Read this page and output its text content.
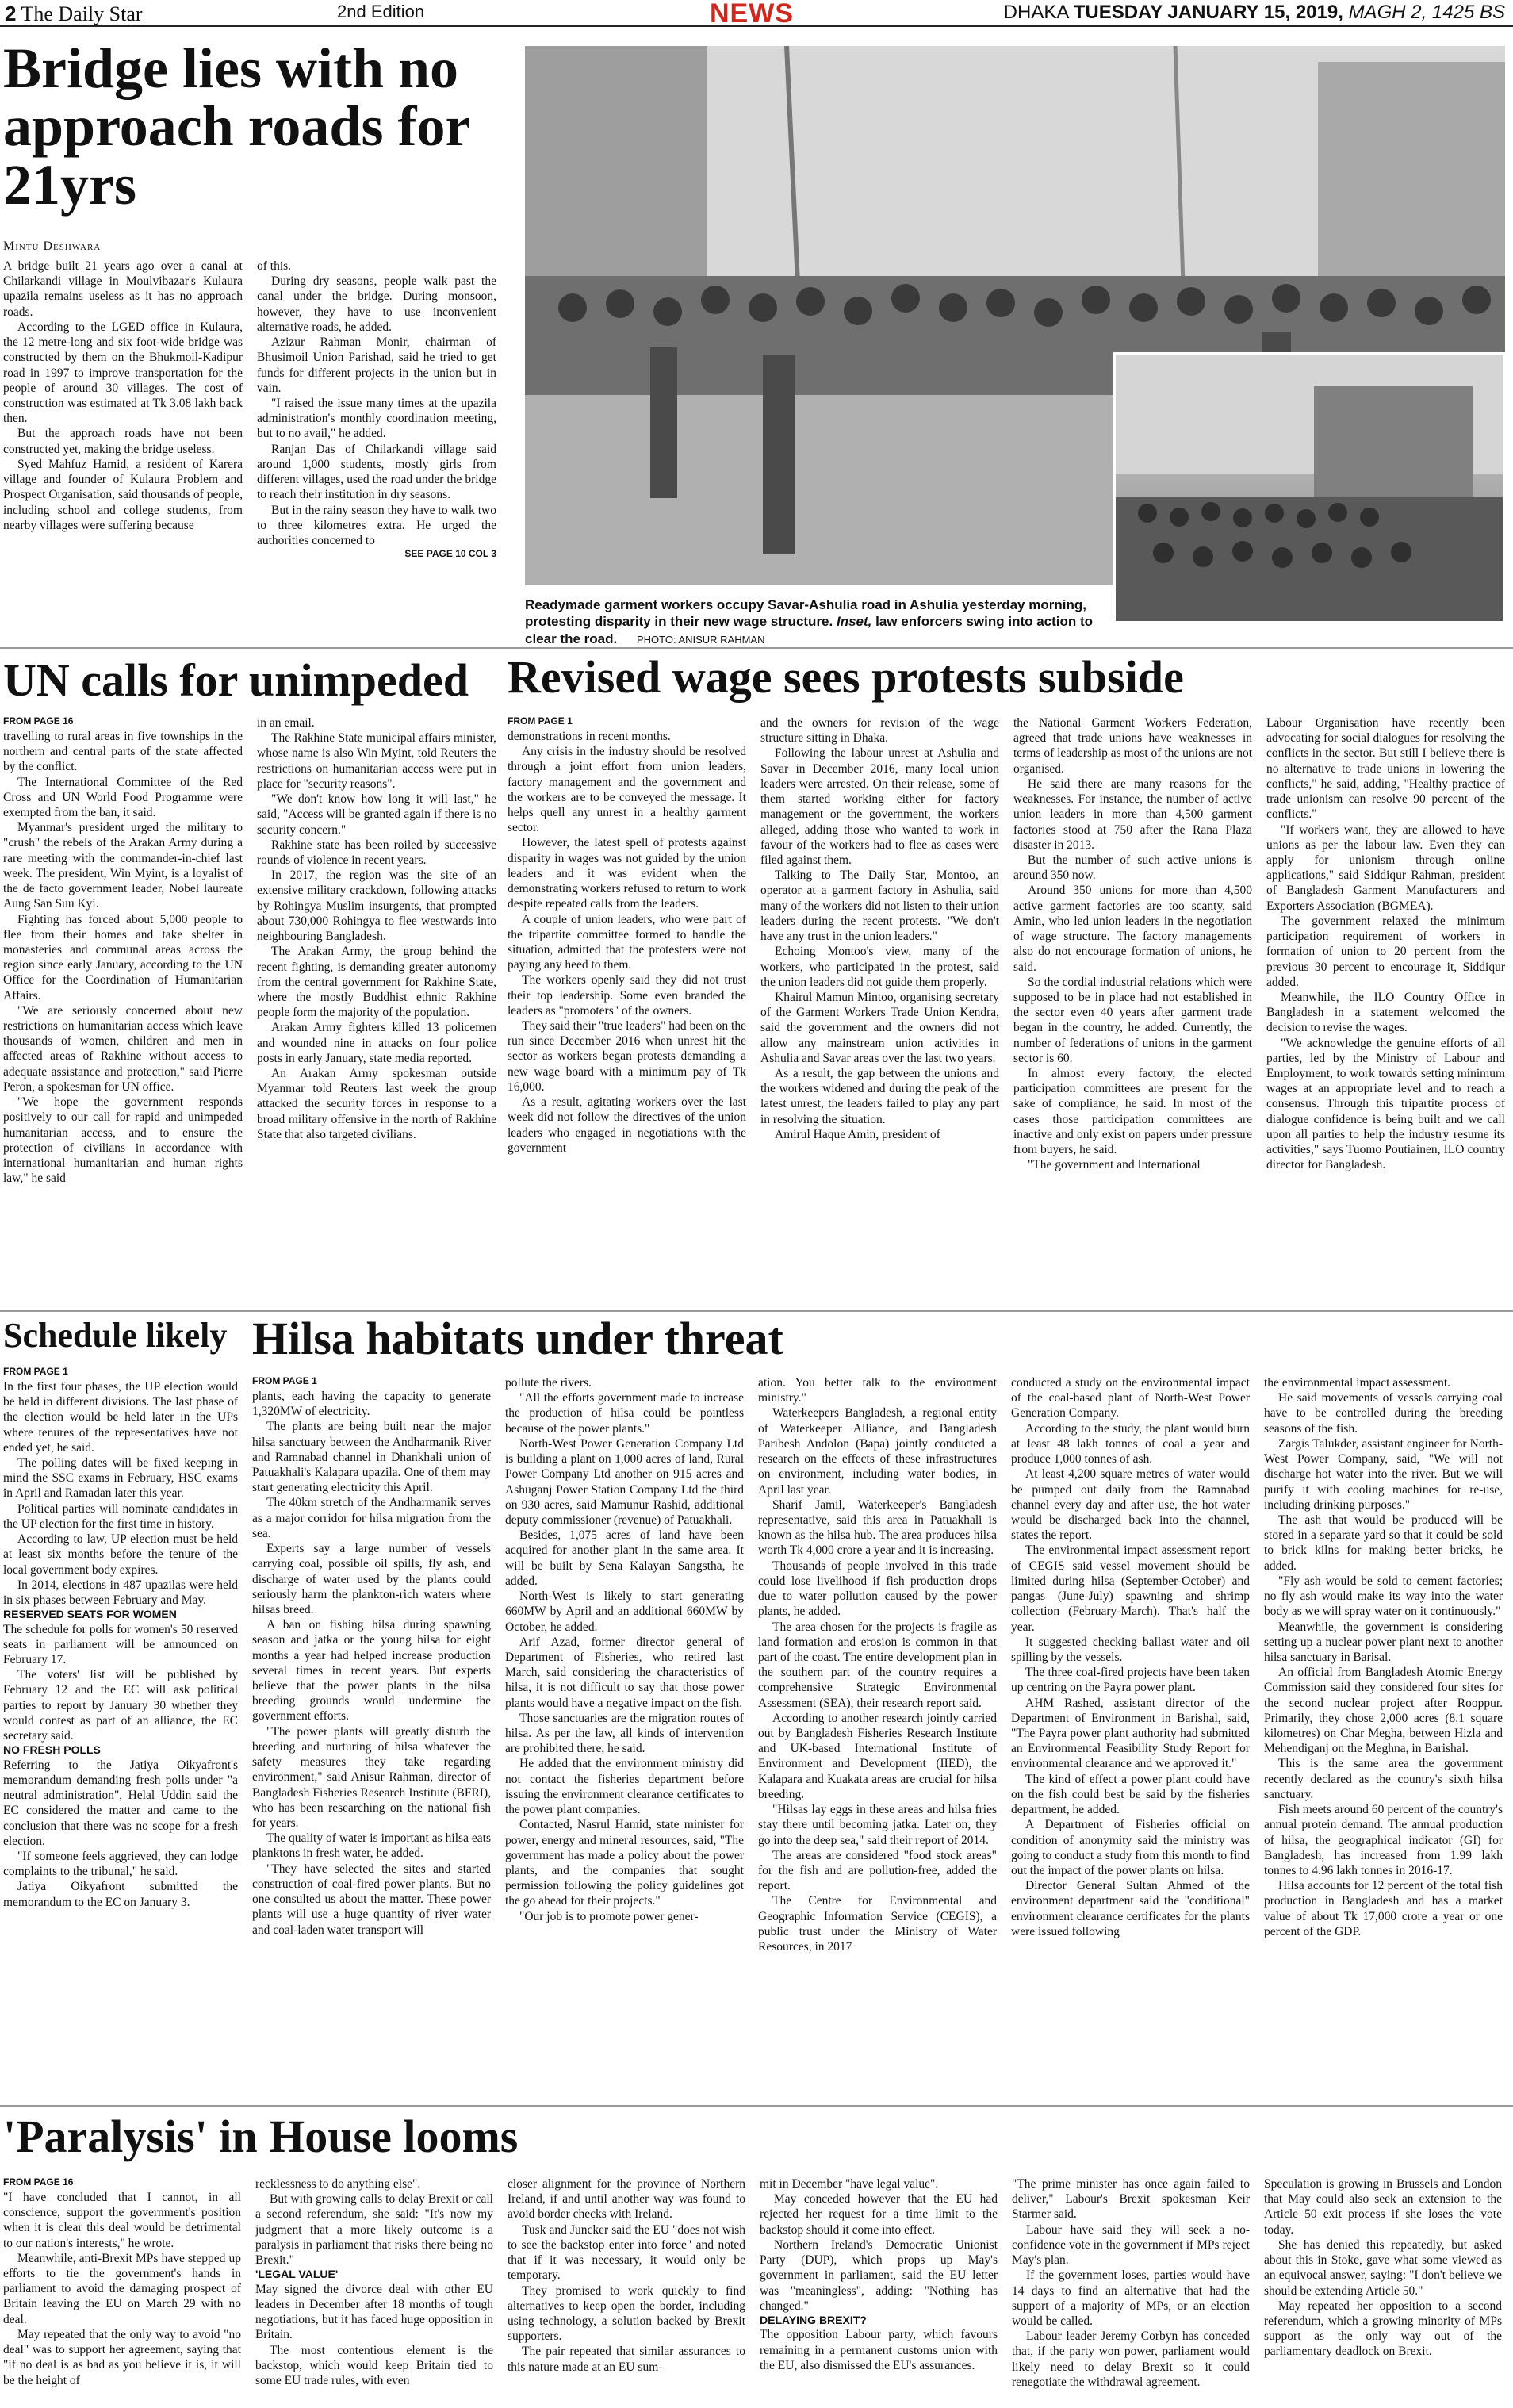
2 The Daily Star	2nd Edition	NEWS	DHAKA TUESDAY JANUARY 15, 2019, MAGH 2, 1425 BS
Bridge lies with no approach roads for 21yrs
Mintu Deshwara

A bridge built 21 years ago over a canal at Chilarkandi village in Moulvibazar's Kulaura upazila remains useless as it has no approach roads.

According to the LGED office in Kulaura, the 12 metre-long and six foot-wide bridge was constructed by them on the Bhukmoil-Kadipur road in 1997 to improve transportation for the people of around 30 villages. The cost of construction was estimated at Tk 3.08 lakh back then.

But the approach roads have not been constructed yet, making the bridge useless.

Syed Mahfuz Hamid, a resident of Karera village and founder of Kulaura Problem and Prospect Organisation, said thousands of people, including school and college students, from nearby villages were suffering because

of this.

During dry seasons, people walk past the canal under the bridge. During monsoon, however, they have to use inconvenient alternative roads, he added.

Azizur Rahman Monir, chairman of Bhusimoil Union Parishad, said he tried to get funds for different projects in the union but in vain.

"I raised the issue many times at the upazila administration's monthly coordination meeting, but to no avail," he added.

Ranjan Das of Chilarkandi village said around 1,000 students, mostly girls from different villages, used the road under the bridge to reach their institution in dry seasons.

But in the rainy season they have to walk two to three kilometres extra. He urged the authorities concerned to

SEE PAGE 10 COL 3

Readymade garment workers occupy Savar-Ashulia road in Ashulia yesterday morning, protesting disparity in their new wage structure. Inset, law enforcers swing into action to clear the road. PHOTO: ANISUR RAHMAN
UN calls for unimpeded

FROM PAGE 16

travelling to rural areas in five townships in the northern and central parts of the state affected by the conflict.

The International Committee of the Red Cross and UN World Food Programme were exempted from the ban, it said.

Myanmar's president urged the military to "crush" the rebels of the Arakan Army during a rare meeting with the commander-in-chief last week. The president, Win Myint, is a loyalist of the de facto government leader, Nobel laureate Aung San Suu Kyi.

Fighting has forced about 5,000 people to flee from their homes and take shelter in monasteries and communal areas across the region since early January, according to the UN Office for the Coordination of Humanitarian Affairs.

"We are seriously concerned about new restrictions on humanitarian access which leave thousands of women, children and men in affected areas of Rakhine without access to adequate assistance and protection," said Pierre Peron, a spokesman for UN office.

"We hope the government responds positively to our call for rapid and unimpeded humanitarian access, and to ensure the protection of civilians in accordance with international humanitarian and human rights law," he said

in an email.

The Rakhine State municipal affairs minister, whose name is also Win Myint, told Reuters the restrictions on humanitarian access were put in place for "security reasons".

"We don't know how long it will last," he said, "Access will be granted again if there is no security concern."

Rakhine state has been roiled by successive rounds of violence in recent years.

In 2017, the region was the site of an extensive military crackdown, following attacks by Rohingya Muslim insurgents, that prompted about 730,000 Rohingya to flee westwards into neighbouring Bangladesh.

The Arakan Army, the group behind the recent fighting, is demanding greater autonomy from the central government for Rakhine State, where the mostly Buddhist ethnic Rakhine people form the majority of the population.

Arakan Army fighters killed 13 policemen and wounded nine in attacks on four police posts in early January, state media reported.

An Arakan Army spokesman outside Myanmar told Reuters last week the group attacked the security forces in response to a broad military offensive in the north of Rakhine State that also targeted civilians.

Revised wage sees protests subside

FROM PAGE 1

demonstrations in recent months.

Any crisis in the industry should be resolved through a joint effort from union leaders, factory management and the government and the workers are to be conveyed the message. It helps quell any unrest in a healthy garment sector.

However, the latest spell of protests against disparity in wages was not guided by the union leaders and it was evident when the demonstrating workers refused to return to work despite repeated calls from the leaders.

A couple of union leaders, who were part of the tripartite committee formed to handle the situation, admitted that the protesters were not paying any heed to them.

The workers openly said they did not trust their top leadership. Some even branded the leaders as "promoters" of the owners.

They said their "true leaders" had been on the run since December 2016 when unrest hit the sector as workers began protests demanding a new wage board with a minimum pay of Tk 16,000.

As a result, agitating workers over the last week did not follow the directives of the union leaders who engaged in negotiations with the government

and the owners for revision of the wage structure sitting in Dhaka.

Following the labour unrest at Ashulia and Savar in December 2016, many local union leaders were arrested. On their release, some of them started working either for factory management or the government, the workers alleged, adding those who wanted to work in favour of the workers had to flee as cases were filed against them.

Talking to The Daily Star, Montoo, an operator at a garment factory in Ashulia, said many of the workers did not listen to their union leaders during the recent protests. "We don't have any trust in the union leaders."

Echoing Montoo's view, many of the workers, who participated in the protest, said the union leaders did not guide them properly.

Khairul Mamun Mintoo, organising secretary of the Garment Workers Trade Union Kendra, said the government and the owners did not allow any mainstream union activities in Ashulia and Savar areas over the last two years.

As a result, the gap between the unions and the workers widened and during the peak of the latest unrest, the leaders failed to play any part in resolving the situation.

Amirul Haque Amin, president of

the National Garment Workers Federation, agreed that trade unions have weaknesses in terms of leadership as most of the unions are not organised.

He said there are many reasons for the weaknesses. For instance, the number of active union leaders in more than 4,500 garment factories stood at 750 after the Rana Plaza disaster in 2013.

But the number of such active unions is around 350 now.

Around 350 unions for more than 4,500 active garment factories are too scanty, said Amin, who led union leaders in the negotiation of wage structure. The factory managements also do not encourage formation of unions, he said.

So the cordial industrial relations which were supposed to be in place had not established in the sector even 40 years after garment trade began in the country, he added. Currently, the number of federations of unions in the garment sector is 60.

In almost every factory, the elected participation committees are present for the sake of compliance, he said. In most of the cases those participation committees are inactive and only exist on papers under pressure from buyers, he said.

"The government and International

Labour Organisation have recently been advocating for social dialogues for resolving the conflicts in the sector. But still I believe there is no alternative to trade unions in lowering the conflicts," he said, adding, "Healthy practice of trade unionism can resolve 90 percent of the conflicts."

"If workers want, they are allowed to have unions as per the labour law. Even they can apply for unionism through online applications," said Siddiqur Rahman, president of Bangladesh Garment Manufacturers and Exporters Association (BGMEA).

The government relaxed the minimum participation requirement of workers in formation of union to 20 percent from the previous 30 percent to encourage it, Siddiqur added.

Meanwhile, the ILO Country Office in Bangladesh in a statement welcomed the decision to revise the wages.

"We acknowledge the genuine efforts of all parties, led by the Ministry of Labour and Employment, to work towards setting minimum wages at an appropriate level and to reach a consensus. Through this tripartite process of dialogue confidence is being built and we call upon all parties to help the industry resume its activities," says Tuomo Poutiainen, ILO country director for Bangladesh.

Schedule likely

FROM PAGE 1

In the first four phases, the UP election would be held in different divisions. The last phase of the election would be held later in the UPs where tenures of the representatives have not ended yet, he said.

The polling dates will be fixed keeping in mind the SSC exams in February, HSC exams in April and Ramadan later this year.

Political parties will nominate candidates in the UP election for the first time in history.

According to law, UP election must be held at least six months before the tenure of the local government body expires.

In 2014, elections in 487 upazilas were held in six phases between February and May.

RESERVED SEATS FOR WOMEN

The schedule for polls for women's 50 reserved seats in parliament will be announced on February 17.

The voters' list will be published by February 12 and the EC will ask political parties to report by January 30 whether they would contest as part of an alliance, the EC secretary said.

NO FRESH POLLS

Referring to the Jatiya Oikyafront's memorandum demanding fresh polls under "a neutral administration", Helal Uddin said the EC considered the matter and came to the conclusion that there was no scope for a fresh election.

"If someone feels aggrieved, they can lodge complaints to the tribunal," he said.

Jatiya Oikyafront submitted the memorandum to the EC on January 3.

Hilsa habitats under threat

FROM PAGE 1

plants, each having the capacity to generate 1,320MW of electricity.

The plants are being built near the major hilsa sanctuary between the Andharmanik River and Ramnabad channel in Dhankhali union of Patuakhali's Kalapara upazila. One of them may start generating electricity this April.

The 40km stretch of the Andharmanik serves as a major corridor for hilsa migration from the sea.

Experts say a large number of vessels carrying coal, possible oil spills, fly ash, and discharge of water used by the plants could seriously harm the plankton-rich waters where hilsas breed.

A ban on fishing hilsa during spawning season and jatka or the young hilsa for eight months a year had helped increase production several times in recent years. But experts believe that the power plants in the hilsa breeding grounds would undermine the government efforts.

"The power plants will greatly disturb the breeding and nurturing of hilsa whatever the safety measures they take regarding environment," said Anisur Rahman, director of Bangladesh Fisheries Research Institute (BFRI), who has been researching on the national fish for years.

The quality of water is important as hilsa eats planktons in fresh water, he added.

"They have selected the sites and started construction of coal-fired power plants. But no one consulted us about the matter. These power plants will use a huge quantity of river water and coal-laden water transport will

pollute the rivers.

"All the efforts government made to increase the production of hilsa could be pointless because of the power plants."

North-West Power Generation Company Ltd is building a plant on 1,000 acres of land, Rural Power Company Ltd another on 915 acres and Ashuganj Power Station Company Ltd the third on 930 acres, said Mamunur Rashid, additional deputy commissioner (revenue) of Patuakhali.

Besides, 1,075 acres of land have been acquired for another plant in the same area. It will be built by Sena Kalayan Sangstha, he added.

North-West is likely to start generating 660MW by April and an additional 660MW by October, he added.

Arif Azad, former director general of Department of Fisheries, who retired last March, said considering the characteristics of hilsa, it is not difficult to say that those power plants would have a negative impact on the fish.

Those sanctuaries are the migration routes of hilsa. As per the law, all kinds of intervention are prohibited there, he said.

He added that the environment ministry did not contact the fisheries department before issuing the environment clearance certificates to the power plant companies.

Contacted, Nasrul Hamid, state minister for power, energy and mineral resources, said, "The government has made a policy about the power plants, and the companies that sought permission following the policy guidelines got the go ahead for their projects."

"Our job is to promote power gener-

ation. You better talk to the environment ministry."

Waterkeepers Bangladesh, a regional entity of Waterkeeper Alliance, and Bangladesh Paribesh Andolon (Bapa) jointly conducted a research on the effects of these infrastructures on environment, including water bodies, in April last year.

Sharif Jamil, Waterkeeper's Bangladesh representative, said this area in Patuakhali is known as the hilsa hub. The area produces hilsa worth Tk 4,000 crore a year and it is increasing.

Thousands of people involved in this trade could lose livelihood if fish production drops due to water pollution caused by the power plants, he added.

The area chosen for the projects is fragile as land formation and erosion is common in that part of the coast. The entire development plan in the southern part of the country requires a comprehensive Strategic Environmental Assessment (SEA), their research report said.

According to another research jointly carried out by Bangladesh Fisheries Research Institute and UK-based International Institute of Environment and Development (IIED), the Kalapara and Kuakata areas are crucial for hilsa breeding.

"Hilsas lay eggs in these areas and hilsa fries stay there until becoming jatka. Later on, they go into the deep sea," said their report of 2014.

The areas are considered "food stock areas" for the fish and are pollution-free, added the report.

The Centre for Environmental and Geographic Information Service (CEGIS), a public trust under the Ministry of Water Resources, in 2017

conducted a study on the environmental impact of the coal-based plant of North-West Power Generation Company.

According to the study, the plant would burn at least 48 lakh tonnes of coal a year and produce 1,000 tonnes of ash.

At least 4,200 square metres of water would be pumped out daily from the Ramnabad channel every day and after use, the hot water would be discharged back into the channel, states the report.

The environmental impact assessment report of CEGIS said vessel movement should be limited during hilsa (September-October) and pangas (June-July) spawning and shrimp collection (February-March). That's half the year.

It suggested checking ballast water and oil spilling by the vessels.

The three coal-fired projects have been taken up centring on the Payra power plant.

AHM Rashed, assistant director of the Department of Environment in Barishal, said, "The Payra power plant authority had submitted an Environmental Feasibility Study Report for environmental clearance and we approved it."

The kind of effect a power plant could have on the fish could best be said by the fisheries department, he added.

A Department of Fisheries official on condition of anonymity said the ministry was going to conduct a study from this month to find out the impact of the power plants on hilsa.

Director General Sultan Ahmed of the environment department said the "conditional" environment clearance certificates for the plants were issued following

the environmental impact assessment.

He said movements of vessels carrying coal have to be controlled during the breeding seasons of the fish.

Zargis Talukder, assistant engineer for North-West Power Company, said, "We will not discharge hot water into the river. But we will purify it with cooling machines for re-use, including drinking purposes."

The ash that would be produced will be stored in a separate yard so that it could be sold to brick kilns for making better bricks, he added.

"Fly ash would be sold to cement factories; no fly ash would make its way into the water body as we will spray water on it continuously."

Meanwhile, the government is considering setting up a nuclear power plant next to another hilsa sanctuary in Barisal.

An official from Bangladesh Atomic Energy Commission said they considered four sites for the second nuclear project after Rooppur. Primarily, they chose 2,000 acres (8.1 square kilometres) on Char Megha, between Hizla and Mehendiganj on the Meghna, in Barishal.

This is the same area the government recently declared as the country's sixth hilsa sanctuary.

Fish meets around 60 percent of the country's annual protein demand. The annual production of hilsa, the geographical indicator (GI) for Bangladesh, has increased from 1.99 lakh tonnes to 4.96 lakh tonnes in 2016-17.

Hilsa accounts for 12 percent of the total fish production in Bangladesh and has a market value of about Tk 17,000 crore a year or one percent of the GDP.

'Paralysis' in House looms

FROM PAGE 16

"I have concluded that I cannot, in all conscience, support the government's position when it is clear this deal would be detrimental to our nation's interests," he wrote.

Meanwhile, anti-Brexit MPs have stepped up efforts to tie the government's hands in parliament to avoid the damaging prospect of Britain leaving the EU on March 29 with no deal.

May repeated that the only way to avoid "no deal" was to support her agreement, saying that "if no deal is as bad as you believe it is, it will be the height of

recklessness to do anything else".

But with growing calls to delay Brexit or call a second referendum, she said: "It's now my judgment that a more likely outcome is a paralysis in parliament that risks there being no Brexit."

'LEGAL VALUE'

May signed the divorce deal with other EU leaders in December after 18 months of tough negotiations, but it has faced huge opposition in Britain.

The most contentious element is the backstop, which would keep Britain tied to some EU trade rules, with even

closer alignment for the province of Northern Ireland, if and until another way was found to avoid border checks with Ireland.

Tusk and Juncker said the EU "does not wish to see the backstop enter into force" and noted that if it was necessary, it would only be temporary.

They promised to work quickly to find alternatives to keep open the border, including using technology, a solution backed by Brexit supporters.

The pair repeated that similar assurances to this nature made at an EU sum-

mit in December "have legal value".

May conceded however that the EU had rejected her request for a time limit to the backstop should it come into effect.

Northern Ireland's Democratic Unionist Party (DUP), which props up May's government in parliament, said the EU letter was "meaningless", adding: "Nothing has changed."

DELAYING BREXIT?

The opposition Labour party, which favours remaining in a permanent customs union with the EU, also dismissed the EU's assurances.

"The prime minister has once again failed to deliver," Labour's Brexit spokesman Keir Starmer said.

Labour have said they will seek a no-confidence vote in the government if MPs reject May's plan.

If the government loses, parties would have 14 days to find an alternative that had the support of a majority of MPs, or an election would be called.

Labour leader Jeremy Corbyn has conceded that, if the party won power, parliament would likely need to delay Brexit so it could renegotiate the withdrawal agreement.

Speculation is growing in Brussels and London that May could also seek an extension to the Article 50 exit process if she loses the vote today.

She has denied this repeatedly, but asked about this in Stoke, gave what some viewed as an equivocal answer, saying: "I don't believe we should be extending Article 50."

May repeated her opposition to a second referendum, which a growing minority of MPs support as the only way out of the parliamentary deadlock on Brexit.
